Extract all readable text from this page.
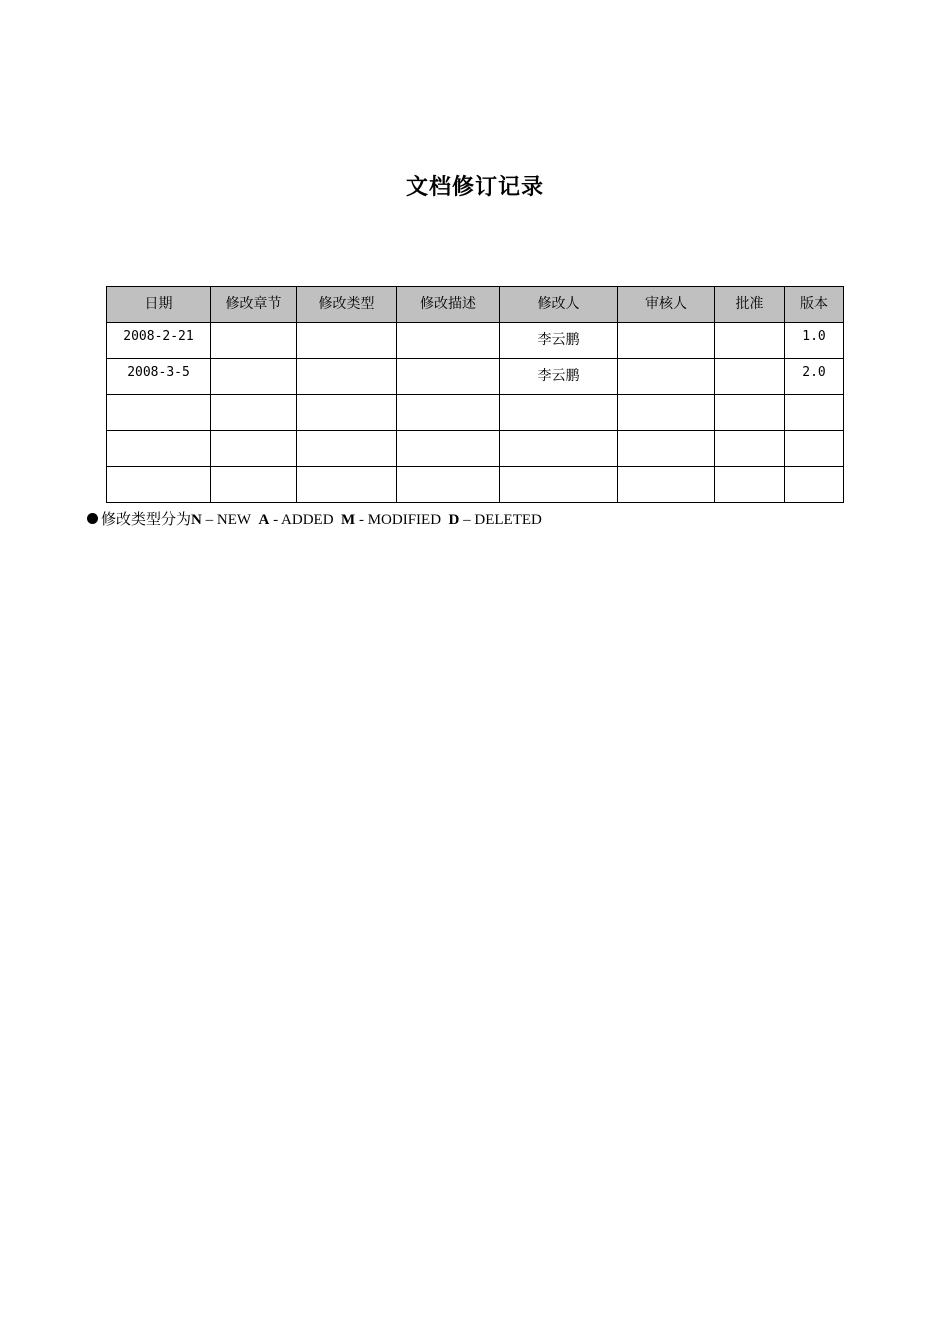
文档修订记录
日期	修改章节	修改类型	修改描述	修改人	审核人	批准	版本
2008-2-21				李云鹏			1.0
2008-3-5				李云鹏			2.0

修改类型分为N – NEW A - ADDED M - MODIFIED D – DELETED
